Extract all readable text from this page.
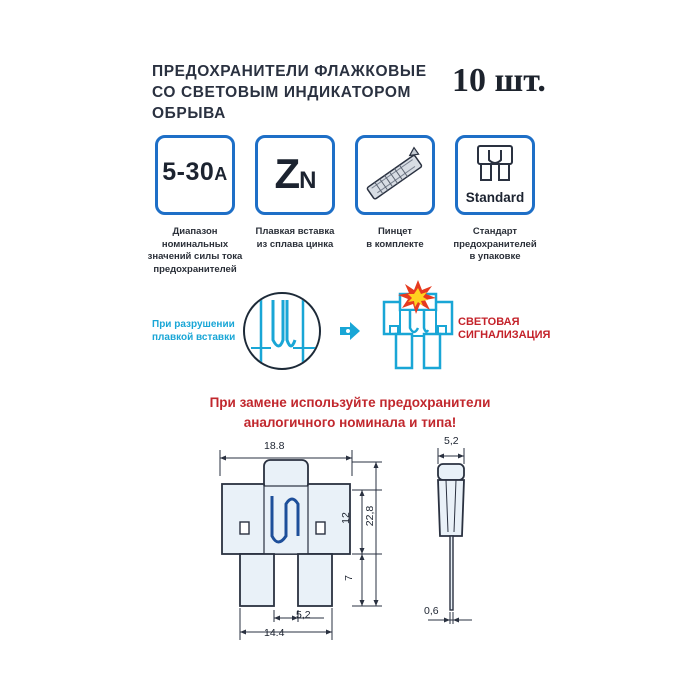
ПРЕДОХРАНИТЕЛИ ФЛАЖКОВЫЕ
СО СВЕТОВЫМ ИНДИКАТОРОМ
ОБРЫВА
10 шт.
5-30А
Диапазон
номинальных
значений силы тока
предохранителей
ZN
Плавкая вставка
из сплава цинка
Пинцет
в комплекте
Standard
Стандарт
предохранителей
в упаковке
При разрушении
плавкой вставки
СВЕТОВАЯ
СИГНАЛИЗАЦИЯ
При замене используйте предохранители
аналогичного номинала и типа!
18.8
5,2
14.4
12 22,8
7
5,2
0,6
